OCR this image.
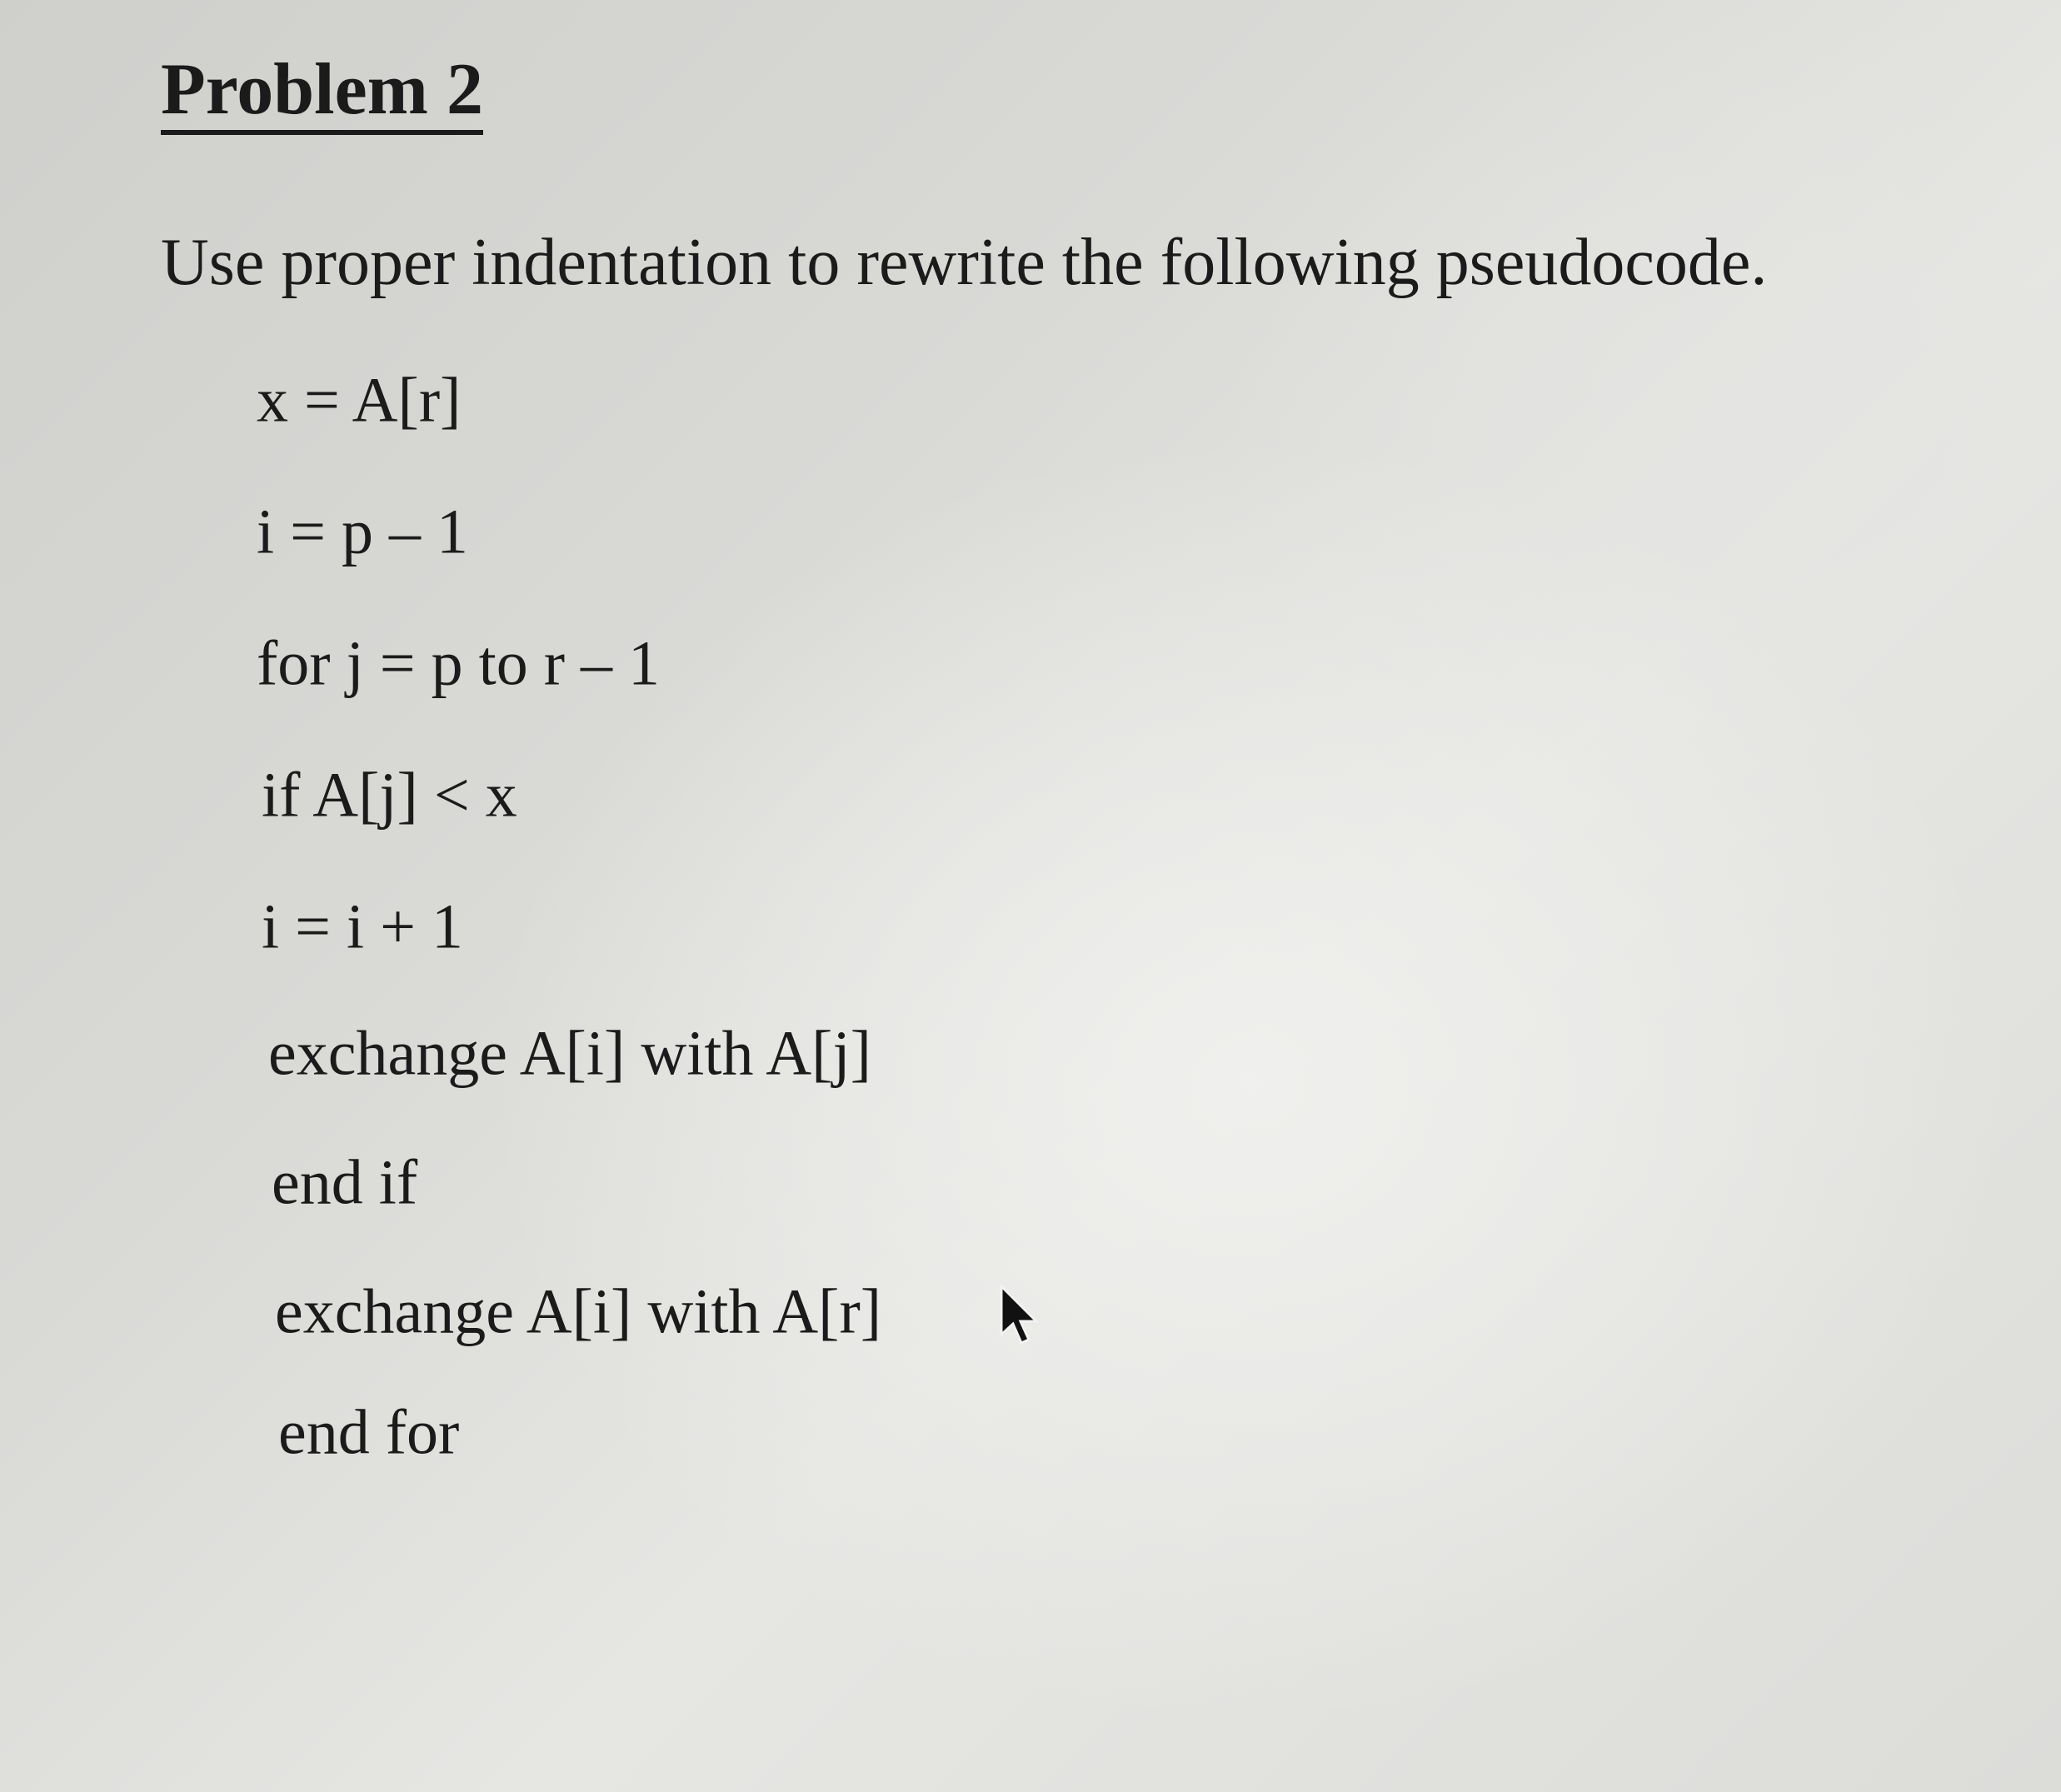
Problem 2
Use proper indentation to rewrite the following pseudocode.
x = A[r]
i = p – 1
for j = p to r – 1
if A[j] < x
i = i + 1
exchange A[i] with A[j]
end if
exchange A[i] with A[r]
end for
